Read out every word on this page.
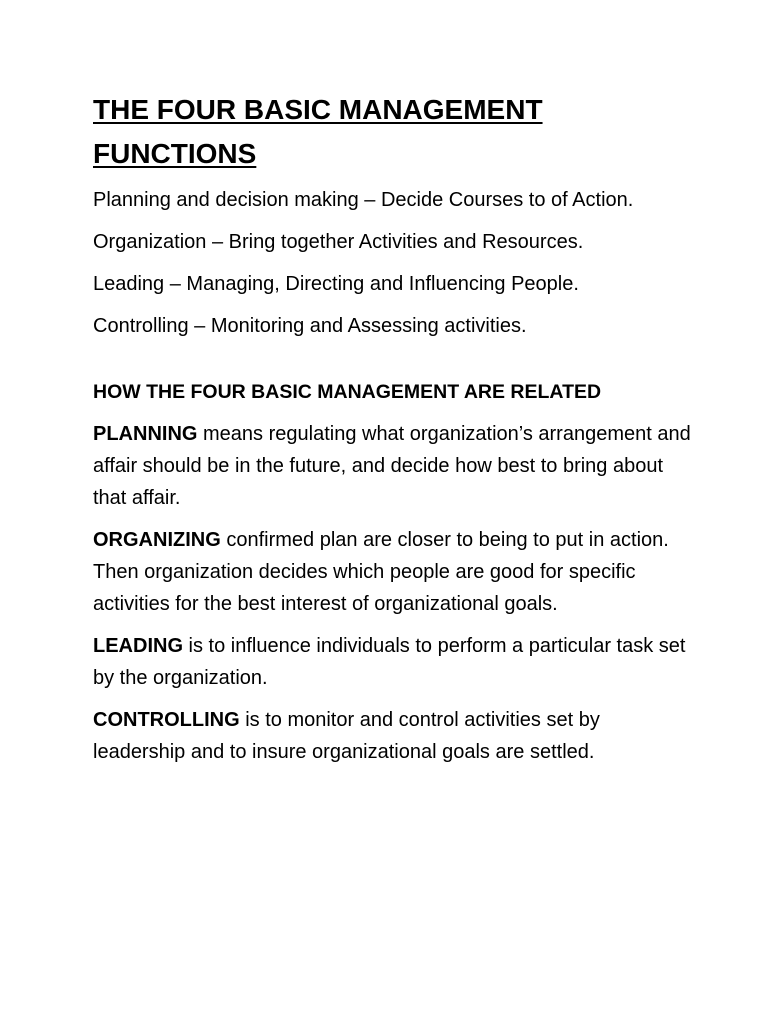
THE FOUR BASIC MANAGEMENT
FUNCTIONS

Planning and decision making – Decide Courses to of Action.

Organization – Bring together Activities and Resources.

Leading – Managing, Directing and Influencing People.

Controlling – Monitoring and Assessing activities.

HOW THE FOUR BASIC MANAGEMENT ARE RELATED

PLANNING means regulating what organization’s arrangement and affair should be in the future, and decide how best to bring about that affair.

ORGANIZING confirmed plan are closer to being to put in action. Then organization decides which people are good for specific activities for the best interest of organizational goals.

LEADING is to influence individuals to perform a particular task set by the organization.

CONTROLLING is to monitor and control activities set by leadership and to insure organizational goals are settled.
